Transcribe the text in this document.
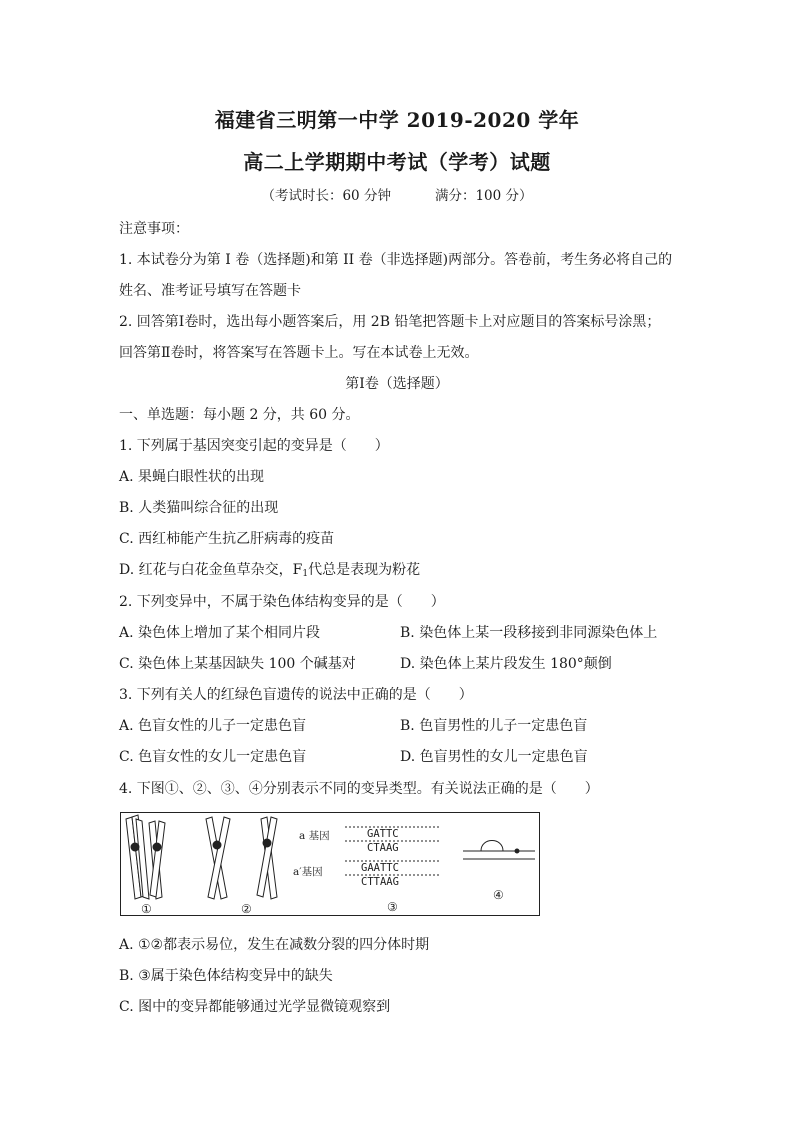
福建省三明第一中学 2019-2020 学年
高二上学期期中考试（学考）试题
（考试时长：60 分钟	满分：100 分）
注意事项：
1. 本试卷分为第 I 卷（选择题)和第 II 卷（非选择题)两部分。答卷前，考生务必将自己的
姓名、准考证号填写在答题卡
2. 回答第Ⅰ卷时，选出每小题答案后，用 2B 铅笔把答题卡上对应题目的答案标号涂黑；
回答第Ⅱ卷时，将答案写在答题卡上。写在本试卷上无效。
第Ⅰ卷（选择题）
一、单选题：每小题 2 分，共 60 分。
1. 下列属于基因突变引起的变异是（　　）
A. 果蝇白眼性状的出现
B. 人类猫叫综合征的出现
C. 西红柿能产生抗乙肝病毒的疫苗
D. 红花与白花金鱼草杂交，F1代总是表现为粉花
2. 下列变异中，不属于染色体结构变异的是（　　）
A. 染色体上增加了某个相同片段	B. 染色体上某一段移接到非同源染色体上
C. 染色体上某基因缺失 100 个碱基对	D. 染色体上某片段发生 180°颠倒
3. 下列有关人的红绿色盲遗传的说法中正确的是（　　）
A. 色盲女性的儿子一定患色盲	B. 色盲男性的儿子一定患色盲
C. 色盲女性的女儿一定患色盲	D. 色盲男性的女儿一定患色盲
4. 下图①、②、③、④分别表示不同的变异类型。有关说法正确的是（　　）
①	②
a 基因
a′基因
GATTC
CTAAG
GAATTC
CTTAAG
③
④
A. ①②都表示易位，发生在减数分裂的四分体时期
B. ③属于染色体结构变异中的缺失
C. 图中的变异都能够通过光学显微镜观察到
